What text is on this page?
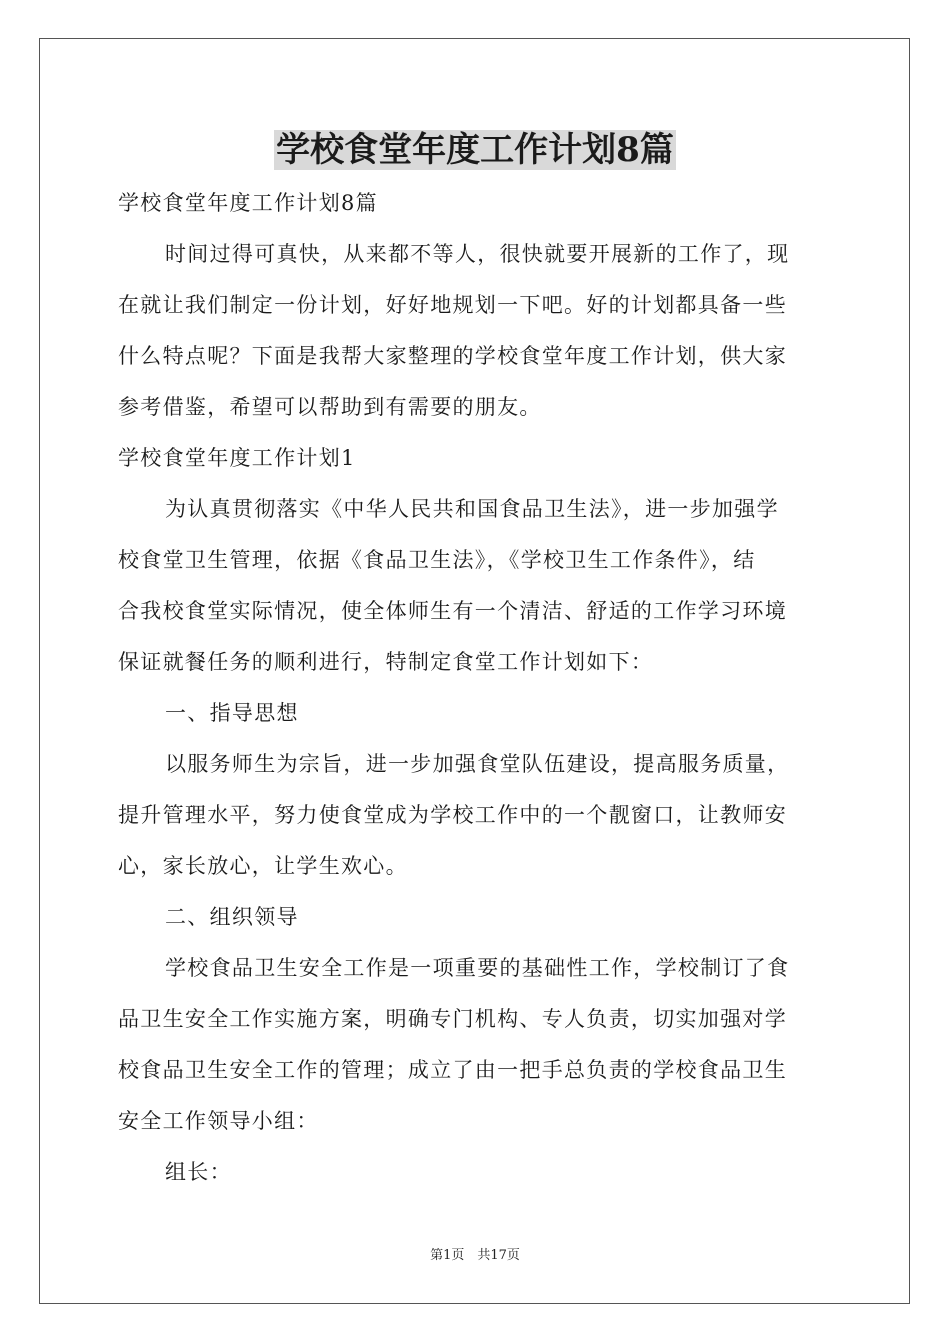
学校食堂年度工作计划8篇
学校食堂年度工作计划8篇
时间过得可真快，从来都不等人，很快就要开展新的工作了，现
在就让我们制定一份计划，好好地规划一下吧。好的计划都具备一些
什么特点呢？下面是我帮大家整理的学校食堂年度工作计划，供大家
参考借鉴，希望可以帮助到有需要的朋友。
学校食堂年度工作计划1
为认真贯彻落实《中华人民共和国食品卫生法》，进一步加强学
校食堂卫生管理，依据《食品卫生法》，《学校卫生工作条件》，结
合我校食堂实际情况，使全体师生有一个清洁、舒适的工作学习环境
保证就餐任务的顺利进行，特制定食堂工作计划如下：
一、指导思想
以服务师生为宗旨，进一步加强食堂队伍建设，提高服务质量，
提升管理水平，努力使食堂成为学校工作中的一个靓窗口，让教师安
心，家长放心，让学生欢心。
二、组织领导
学校食品卫生安全工作是一项重要的基础性工作，学校制订了食
品卫生安全工作实施方案，明确专门机构、专人负责，切实加强对学
校食品卫生安全工作的管理；成立了由一把手总负责的学校食品卫生
安全工作领导小组：
组长：
第1页　共17页
